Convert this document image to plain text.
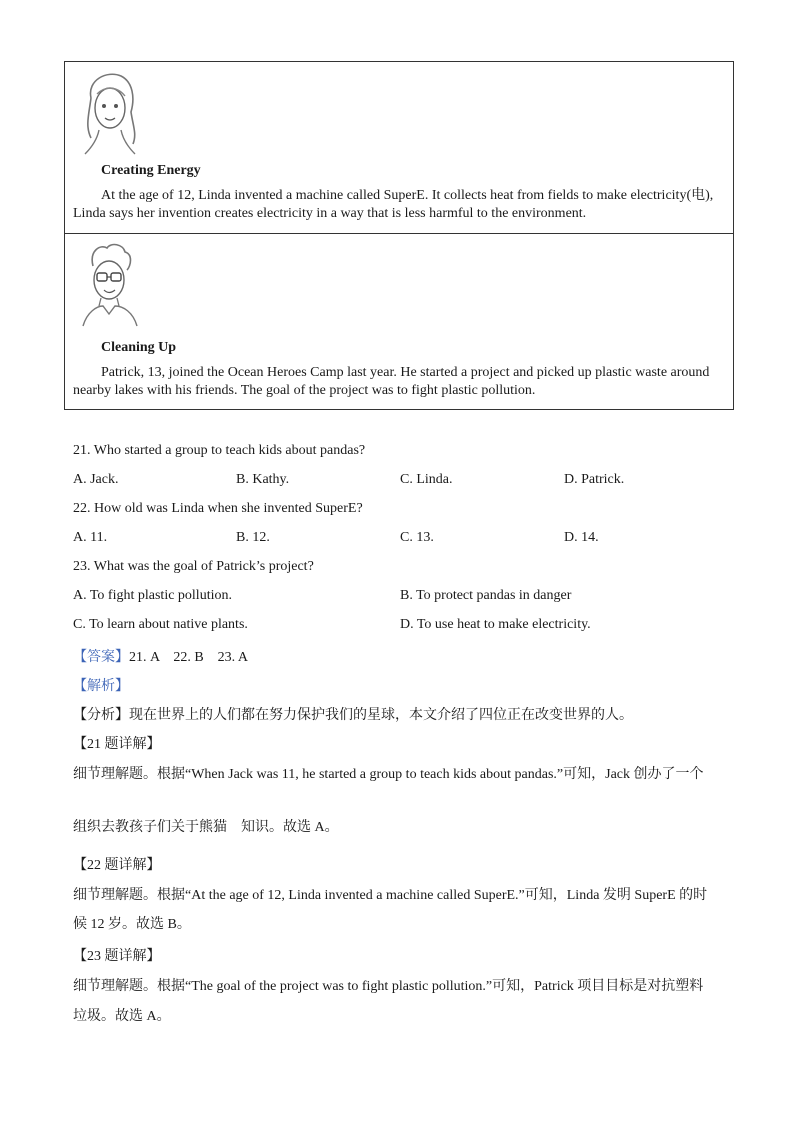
Creating Energy
At the age of 12, Linda invented a machine called SuperE. It collects heat from fields to make electricity(电), Linda says her invention creates electricity in a way that is less harmful to the environment.
Cleaning Up
Patrick, 13, joined the Ocean Heroes Camp last year. He started a project and picked up plastic waste around nearby lakes with his friends. The goal of the project was to fight plastic pollution.
21. Who started a group to teach kids about pandas?
A. Jack.	B. Kathy.	C. Linda.	D. Patrick.
22. How old was Linda when she invented SuperE?
A. 11.	B. 12.	C. 13.	D. 14.
23. What was the goal of Patrick’s project?
A. To fight plastic pollution.	B. To protect pandas in danger
C. To learn about native plants.	D. To use heat to make electricity.
【答案】21. A　22. B　23. A
【解析】
【分析】现在世界上的人们都在努力保护我们的星球，本文介绍了四位正在改变世界的人。
【21 题详解】
细节理解题。根据“When Jack was 11, he started a group to teach kids about pandas.”可知，Jack 创办了一个
组织去教孩子们关于熊猫　知识。故选 A。
【22 题详解】
细节理解题。根据“At the age of 12, Linda invented a machine called SuperE.”可知，Linda 发明 SuperE 的时
候 12 岁。故选 B。
【23 题详解】
细节理解题。根据“The goal of the project was to fight plastic pollution.”可知，Patrick 项目目标是对抗塑料
垃圾。故选 A。
